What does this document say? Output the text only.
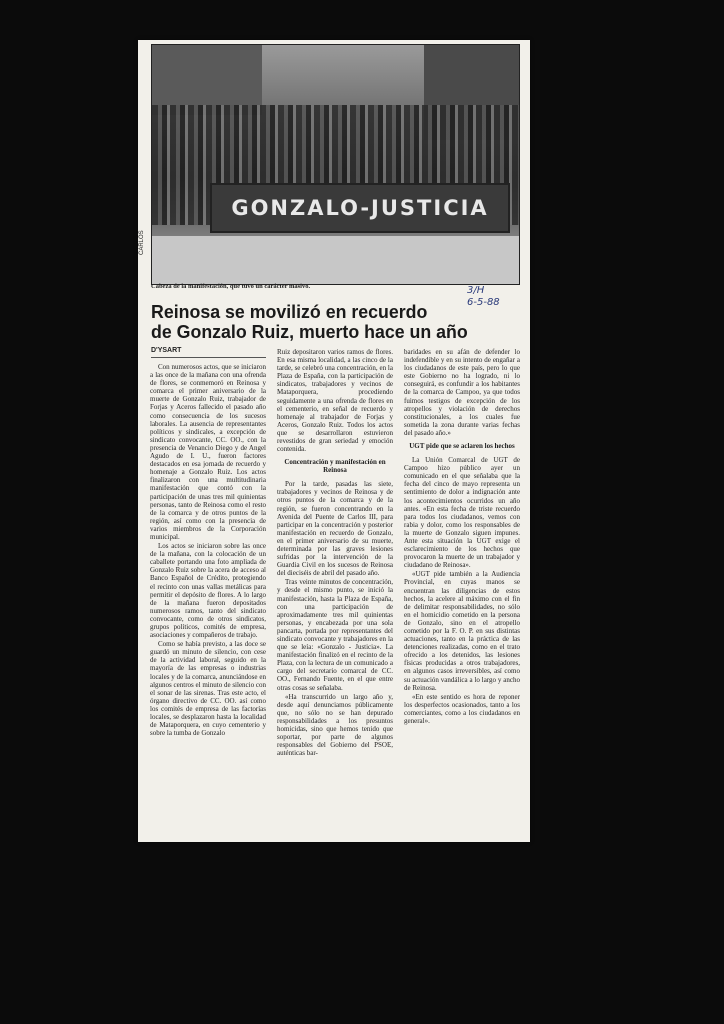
GONZALO-JUSTICIA
CARLOS
Cabeza de la manifestación, que tuvo un carácter masivo.	3/H
6-5-88
Reinosa se movilizó en recuerdo
de Gonzalo Ruiz, muerto hace un año
D'YSART

Con numerosos actos, que se iniciaron a las once de la mañana con una ofrenda de flores, se conmemoró en Reinosa y comarca el primer aniversario de la muerte de Gonzalo Ruiz, trabajador de Forjas y Aceros fallecido el pasado año como consecuencia de los sucesos laborales. La ausencia de representantes políticos y sindicales, a excepción de sindicato convocante, CC. OO., con la presencia de Venancio Diego y de Angel Agudo de I. U., fueron factores destacados en esa jornada de recuerdo y homenaje a Gonzalo Ruiz. Los actos finalizaron con una multitudinaria manifestación que contó con la participación de unas tres mil quinientas personas, tanto de Reinosa como el resto de la comarca y de otros puntos de la región, así como con la presencia de varios miembros de la Corporación municipal.

Los actos se iniciaron sobre las once de la mañana, con la colocación de un caballete portando una foto ampliada de Gonzalo Ruiz sobre la acera de acceso al Banco Español de Crédito, protegiendo el recinto con unas vallas metálicas para permitir el depósito de flores. A lo largo de la mañana fueron depositados numerosos ramos, tanto del sindicato convocante, como de otros sindicatos, grupos políticos, comités de empresa, asociaciones y compañeros de trabajo.

Como se había previsto, a las doce se guardó un minuto de silencio, con cese de la actividad laboral, seguido en la mayoría de las empresas o industrias locales y de la comarca, anunciándose en algunos centros el minuto de silencio con el sonar de las sirenas. Tras este acto, el órgano directivo de CC. OO. así como los comités de empresa de las factorías locales, se desplazaron hasta la localidad de Mataporquera, en cuyo cementerio y sobre la tumba de Gonzalo

Ruiz depositaron varios ramos de flores. En esa misma localidad, a las cinco de la tarde, se celebró una concentración, en la Plaza de España, con la participación de sindicatos, trabajadores y vecinos de Mataporquera, procediendo seguidamente a una ofrenda de flores en el cementerio, en señal de recuerdo y homenaje al trabajador de Forjas y Aceros, Gonzalo Ruiz. Todos los actos que se desarrollaron estuvieron revestidos de gran seriedad y emoción contenida.

Concentración y manifestación en Reinosa

Por la tarde, pasadas las siete, trabajadores y vecinos de Reinosa y de otros puntos de la comarca y de la región, se fueron concentrando en la Avenida del Puente de Carlos III, para participar en la concentración y posterior manifestación en recuerdo de Gonzalo, en el primer aniversario de su muerte, determinada por las graves lesiones sufridas por la intervención de la Guardia Civil en los sucesos de Reinosa del dieciséis de abril del pasado año.

Tras veinte minutos de concentración, y desde el mismo punto, se inició la manifestación, hasta la Plaza de España, con una participación de aproximadamente tres mil quinientas personas, y encabezada por una sola pancarta, portada por representantes del sindicato convocante y trabajadores en la que se leía: «Gonzalo - Justicia». La manifestación finalizó en el recinto de la Plaza, con la lectura de un comunicado a cargo del secretario comarcal de CC. OO., Fernando Fuente, en el que entre otras cosas se señalaba.

«Ha transcurrido un largo año y, desde aquí denunciamos públicamente que, no sólo no se han depurado responsabilidades a los presuntos homicidas, sino que hemos tenido que soportar, por parte de algunos responsables del Gobierno del PSOE, auténticas bar-

baridades en su afán de defender lo indefendible y en su intento de engañar a los ciudadanos de este país, pero lo que este Gobierno no ha logrado, ni lo conseguirá, es confundir a los habitantes de la comarca de Campoo, ya que todos fuimos testigos de excepción de los atropellos y violación de derechos constitucionales, a los cuales fue sometida la zona durante varias fechas del pasado año.»

UGT pide que se aclaren los hechos

La Unión Comarcal de UGT de Campoo hizo público ayer un comunicado en el que señalaba que la fecha del cinco de mayo representa un sentimiento de dolor a indignación ante los acontecimientos ocurridos un año antes. «En esta fecha de triste recuerdo para todos los ciudadanos, vemos con rabia y dolor, como los responsables de la muerte de Gonzalo siguen impunes. Ante esta situación la UGT exige el esclarecimiento de los hechos que provocaron la muerte de un trabajador y ciudadano de Reinosa».

«UGT pide también a la Audiencia Provincial, en cuyas manos se encuentran las diligencias de estos hechos, la acelere al máximo con el fin de delimitar responsabilidades, no sólo en el homicidio cometido en la persona de Gonzalo, sino en el atropello cometido por la F. O. P. en sus distintas actuaciones, tanto en la práctica de las detenciones realizadas, como en el trato ofrecido a los detenidos, las lesiones físicas producidas a otros trabajadores, en algunos casos irreversibles, así como su actuación vandálica a lo largo y ancho de Reinosa.

«En este sentido es hora de reponer los desperfectos ocasionados, tanto a los comerciantes, como a los ciudadanos en general».
